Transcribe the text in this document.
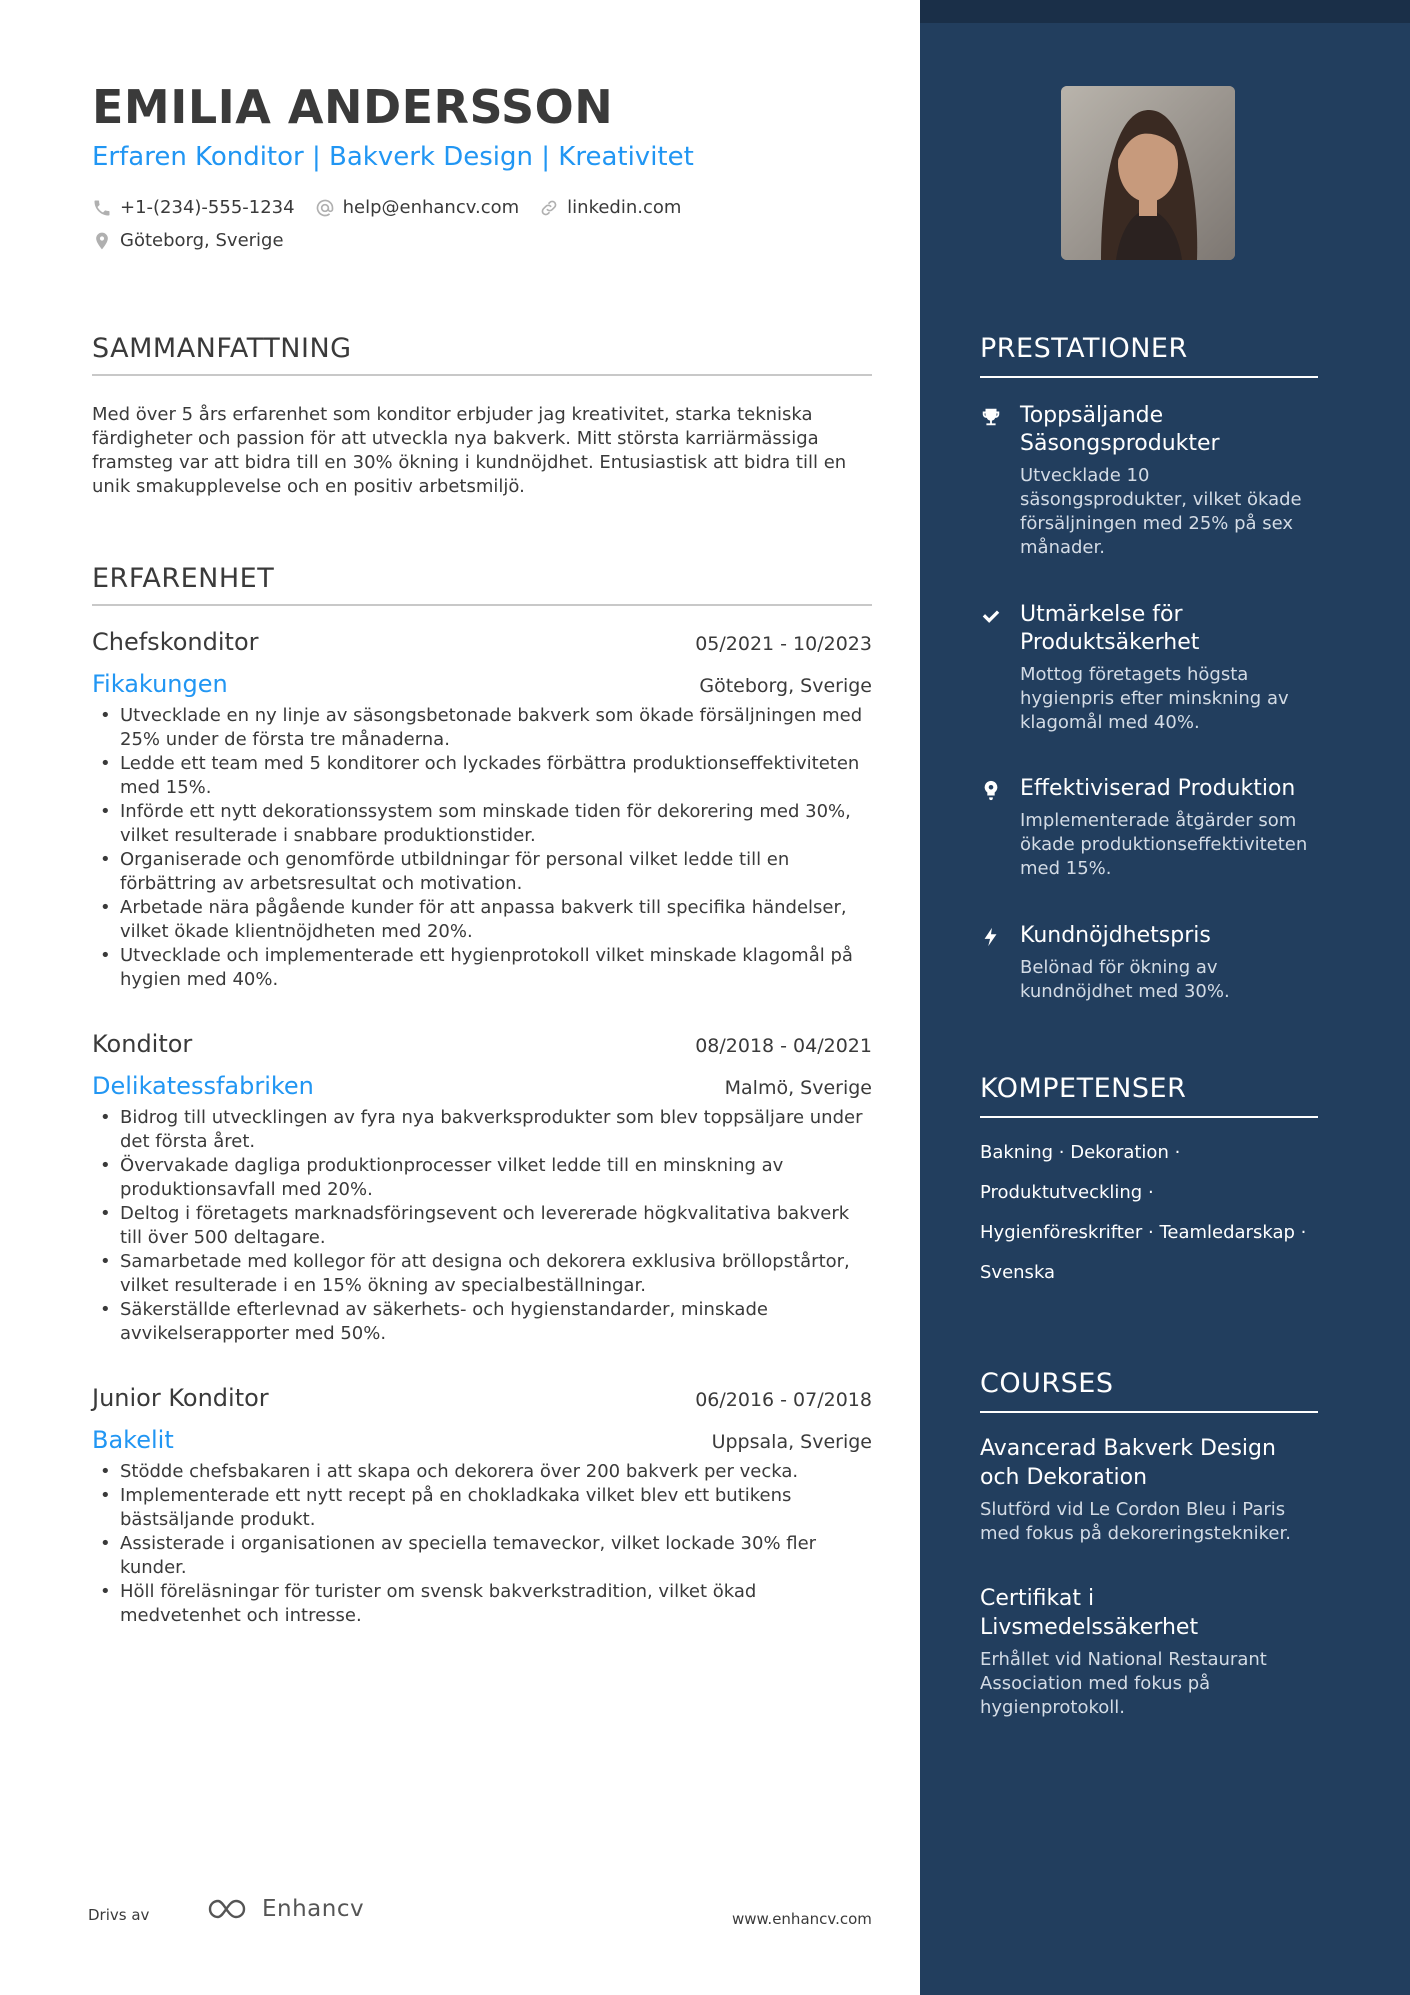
EMILIA ANDERSSON
Erfaren Konditor | Bakverk Design | Kreativitet
+1-(234)-555-1234	help@enhancv.com	linkedin.com
Göteborg, Sverige
SAMMANFATTNING
Med över 5 års erfarenhet som konditor erbjuder jag kreativitet, starka tekniska färdigheter och passion för att utveckla nya bakverk. Mitt största karriärmässiga framsteg var att bidra till en 30% ökning i kundnöjdhet. Entusiastisk att bidra till en unik smakupplevelse och en positiv arbetsmiljö.
ERFARENHET
Chefskonditor	05/2021 - 10/2023
Fikakungen	Göteborg, Sverige
• Utvecklade en ny linje av säsongsbetonade bakverk som ökade försäljningen med 25% under de första tre månaderna.
• Ledde ett team med 5 konditorer och lyckades förbättra produktionseffektiviteten med 15%.
• Införde ett nytt dekorationssystem som minskade tiden för dekorering med 30%, vilket resulterade i snabbare produktionstider.
• Organiserade och genomförde utbildningar för personal vilket ledde till en förbättring av arbetsresultat och motivation.
• Arbetade nära pågående kunder för att anpassa bakverk till specifika händelser, vilket ökade klientnöjdheten med 20%.
• Utvecklade och implementerade ett hygienprotokoll vilket minskade klagomål på hygien med 40%.
Konditor	08/2018 - 04/2021
Delikatessfabriken	Malmö, Sverige
• Bidrog till utvecklingen av fyra nya bakverksprodukter som blev toppsäljare under det första året.
• Övervakade dagliga produktionprocesser vilket ledde till en minskning av produktionsavfall med 20%.
• Deltog i företagets marknadsföringsevent och levererade högkvalitativa bakverk till över 500 deltagare.
• Samarbetade med kollegor för att designa och dekorera exklusiva bröllopstårtor, vilket resulterade i en 15% ökning av specialbeställningar.
• Säkerställde efterlevnad av säkerhets- och hygienstandarder, minskade avvikelserapporter med 50%.
Junior Konditor	06/2016 - 07/2018
Bakelit	Uppsala, Sverige
• Stödde chefsbakaren i att skapa och dekorera över 200 bakverk per vecka.
• Implementerade ett nytt recept på en chokladkaka vilket blev ett butikens bästsäljande produkt.
• Assisterade i organisationen av speciella temaveckor, vilket lockade 30% fler kunder.
• Höll föreläsningar för turister om svensk bakverkstradition, vilket ökad medvetenhet och intresse.
Drivs av	Enhancv	www.enhancv.com
PRESTATIONER
Toppsäljande Säsongsprodukter
Utvecklade 10 säsongsprodukter, vilket ökade försäljningen med 25% på sex månader.
Utmärkelse för Produktsäkerhet
Mottog företagets högsta hygienpris efter minskning av klagomål med 40%.
Effektiviserad Produktion
Implementerade åtgärder som ökade produktionseffektiviteten med 15%.
Kundnöjdhetspris
Belönad för ökning av kundnöjdhet med 30%.
KOMPETENSER
Bakning · Dekoration ·
Produktutveckling ·
Hygienföreskrifter · Teamledarskap ·
Svenska
COURSES
Avancerad Bakverk Design och Dekoration
Slutförd vid Le Cordon Bleu i Paris med fokus på dekoreringstekniker.
Certifikat i Livsmedelssäkerhet
Erhållet vid National Restaurant Association med fokus på hygienprotokoll.
